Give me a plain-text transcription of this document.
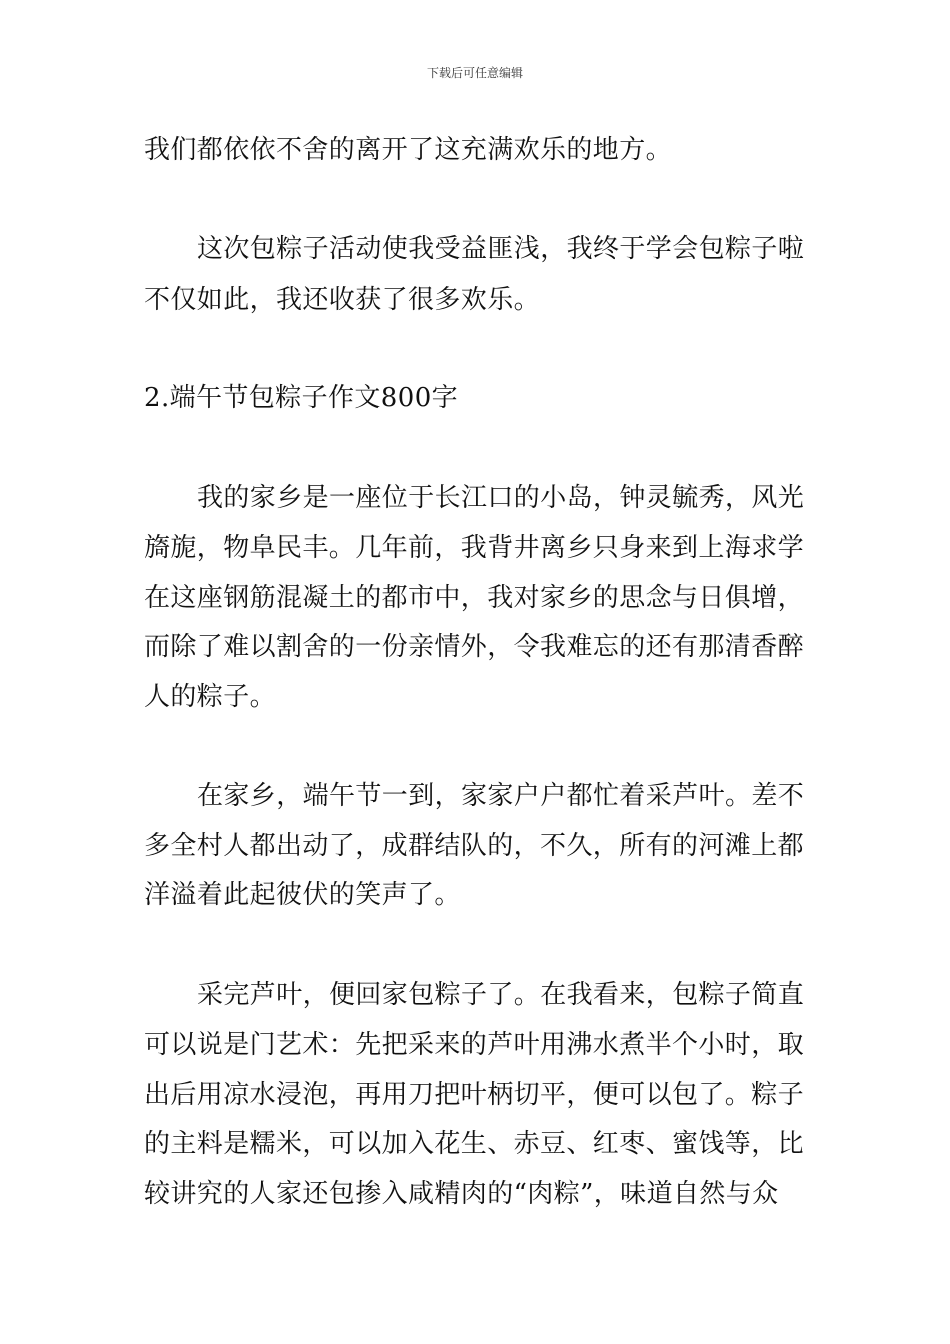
下载后可任意编辑
我们都依依不舍的离开了这充满欢乐的地方。
这次包粽子活动使我受益匪浅，我终于学会包粽子啦
不仅如此，我还收获了很多欢乐。
2.端午节包粽子作文800字
我的家乡是一座位于长江口的小岛，钟灵毓秀，风光
旖旎，物阜民丰。几年前，我背井离乡只身来到上海求学
在这座钢筋混凝土的都市中，我对家乡的思念与日俱增，
而除了难以割舍的一份亲情外，令我难忘的还有那清香醉
人的粽子。
在家乡，端午节一到，家家户户都忙着采芦叶。差不
多全村人都出动了，成群结队的，不久，所有的河滩上都
洋溢着此起彼伏的笑声了。
采完芦叶，便回家包粽子了。在我看来，包粽子简直
可以说是门艺术：先把采来的芦叶用沸水煮半个小时，取
出后用凉水浸泡，再用刀把叶柄切平，便可以包了。粽子
的主料是糯米，可以加入花生、赤豆、红枣、蜜饯等，比
较讲究的人家还包掺入咸精肉的“肉粽”，味道自然与众
